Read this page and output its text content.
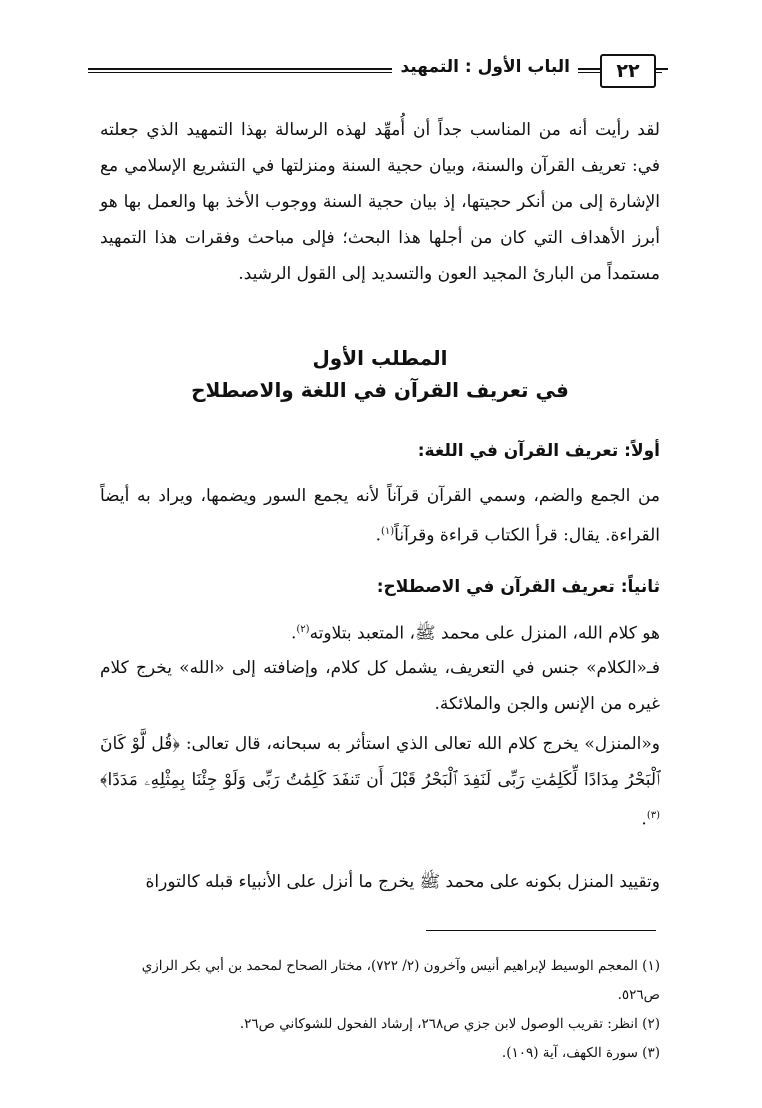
٢٢
الباب الأول : التمهيد
لقد رأيت أنه من المناسب جداً أن أُمهِّد لهذه الرسالة بهذا التمهيد الذي جعلته في: تعريف القرآن والسنة، وبيان حجية السنة ومنزلتها في التشريع الإسلامي مع الإشارة إلى من أنكر حجيتها، إذ بيان حجية السنة ووجوب الأخذ بها والعمل بها هو أبرز الأهداف التي كان من أجلها هذا البحث؛ فإلى مباحث وفقرات هذا التمهيد مستمداً من البارئ المجيد العون والتسديد إلى القول الرشيد.
المطلب الأول
في تعريف القرآن في اللغة والاصطلاح
أولاً: تعريف القرآن في اللغة:
من الجمع والضم، وسمي القرآن قرآناً لأنه يجمع السور ويضمها، ويراد به أيضاً القراءة. يقال: قرأ الكتاب قراءة وقرآناً$^{(١)}$.
ثانياً: تعريف القرآن في الاصطلاح:
هو كلام الله، المنزل على محمد ﷺ، المتعبد بتلاوته$^{(٢)}$.
فـ«الكلام» جنس في التعريف، يشمل كل كلام، وإضافته إلى «الله» يخرج كلام غيره من الإنس والجن والملائكة.
و«المنزل» يخرج كلام الله تعالى الذي استأثر به سبحانه، قال تعالى: ﴿قُل لَّوْ كَانَ ٱلْبَحْرُ مِدَادًا لِّكَلِمَٰتِ رَبِّى لَنَفِدَ ٱلْبَحْرُ قَبْلَ أَن تَنفَدَ كَلِمَٰتُ رَبِّى وَلَوْ جِئْنَا بِمِثْلِهِۦ مَدَدًا﴾$^{(٣)}$.
وتقييد المنزل بكونه على محمد ﷺ يخرج ما أنزل على الأنبياء قبله كالتوراة
(١) المعجم الوسيط لإبراهيم أنيس وآخرون (٢/ ٧٢٢)، مختار الصحاح لمحمد بن أبي بكر الرازي ص٥٢٦.
(٢) انظر: تقريب الوصول لابن جزي ص٢٦٨، إرشاد الفحول للشوكاني ص٢٦.
(٣) سورة الكهف، آية (١٠٩).
